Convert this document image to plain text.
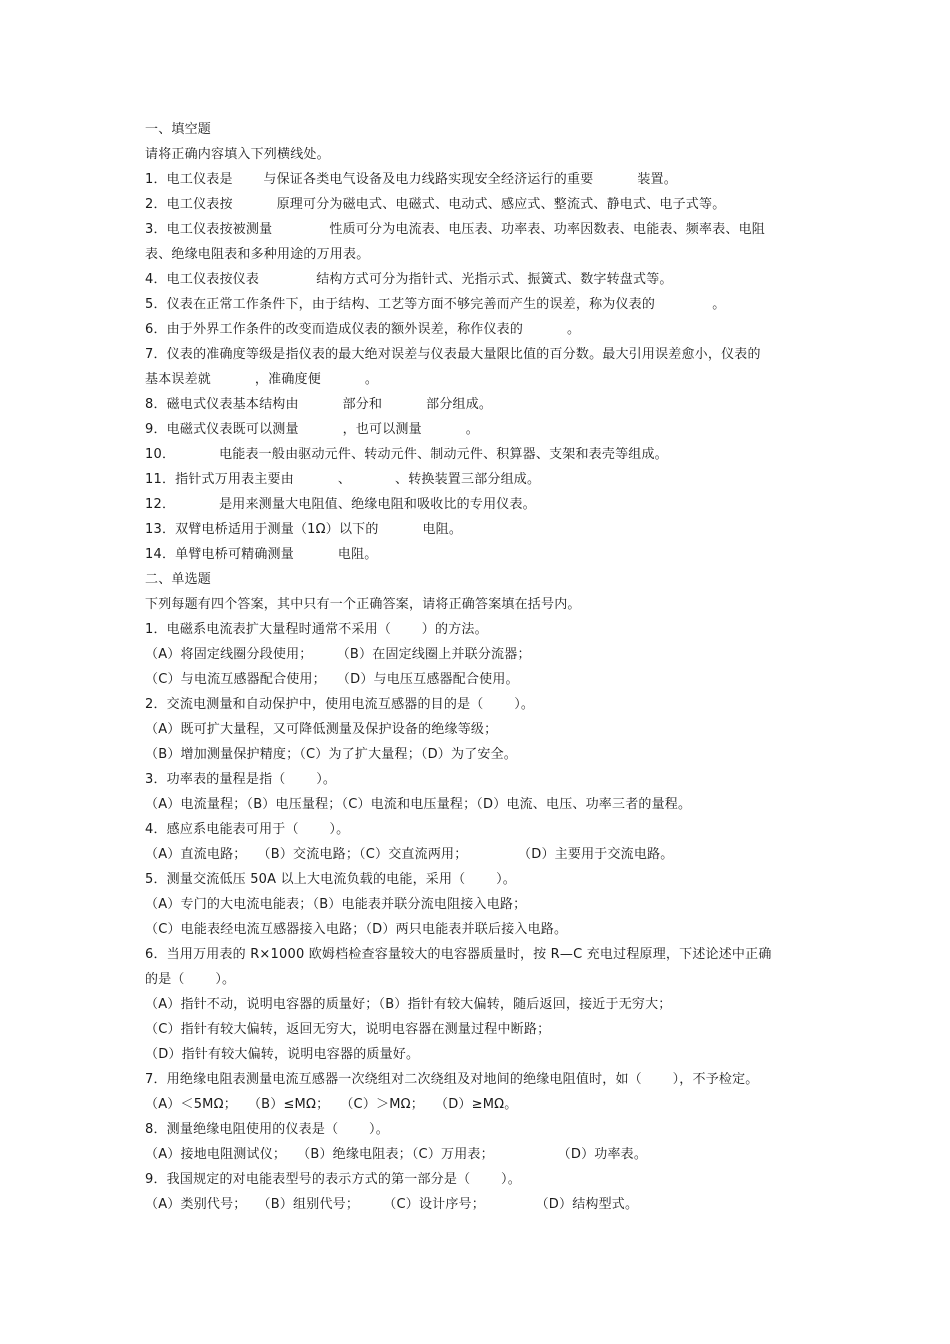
一、填空题
请将正确内容填入下列横线处。
1．电工仪表是 　　与保证各类电气设备及电力线路实现安全经济运行的重要 　　　装置。
2．电工仪表按 　　　原理可分为磁电式、电磁式、电动式、感应式、整流式、静电式、电子式等。
3．电工仪表按被测量 　　　　性质可分为电流表、电压表、功率表、功率因数表、电能表、频率表、电阻
表、绝缘电阻表和多种用途的万用表。
4．电工仪表按仪表 　　　　结构方式可分为指针式、光指示式、振簧式、数字转盘式等。
5．仪表在正常工作条件下，由于结构、工艺等方面不够完善而产生的误差，称为仪表的 　　　　。
6．由于外界工作条件的改变而造成仪表的额外误差，称作仪表的 　　　。
7．仪表的准确度等级是指仪表的最大绝对误差与仪表最大量限比值的百分数。最大引用误差愈小，仪表的
基本误差就 　　　，准确度便 　　　。
8．磁电式仪表基本结构由 　　　部分和 　　　部分组成。
9．电磁式仪表既可以测量 　　　，也可以测量 　　　。
10． 　　　电能表一般由驱动元件、转动元件、制动元件、积算器、支架和表壳等组成。
11．指针式万用表主要由 　　　、 　　　、转换装置三部分组成。
12． 　　　是用来测量大电阻值、绝缘电阻和吸收比的专用仪表。
13．双臂电桥适用于测量（1Ω）以下的 　　　电阻。
14．单臂电桥可精确测量 　　　电阻。
二、单选题
下列每题有四个答案，其中只有一个正确答案，请将正确答案填在括号内。
1．电磁系电流表扩大量程时通常不采用（ 　　）的方法。
（A）将固定线圈分段使用； 　　（B）在固定线圈上并联分流器；
（C）与电流互感器配合使用； 　（D）与电压互感器配合使用。
2．交流电测量和自动保护中，使用电流互感器的目的是（ 　　）。
（A）既可扩大量程，又可降低测量及保护设备的绝缘等级；
（B）增加测量保护精度；（C）为了扩大量程；（D）为了安全。
3．功率表的量程是指（ 　　）。
（A）电流量程；（B）电压量程；（C）电流和电压量程；（D）电流、电压、功率三者的量程。
4．感应系电能表可用于（ 　　）。
（A）直流电路； 　（B）交流电路；（C）交直流两用； 　　　　（D）主要用于交流电路。
5．测量交流低压 50A 以上大电流负载的电能，采用（ 　　）。
（A）专门的大电流电能表；（B）电能表并联分流电阻接入电路；
（C）电能表经电流互感器接入电路；（D）两只电能表并联后接入电路。
6．当用万用表的 R×1000 欧姆档检查容量较大的电容器质量时，按 R—C 充电过程原理，下述论述中正确
的是（ 　　）。
（A）指针不动，说明电容器的质量好；（B）指针有较大偏转，随后返回，接近于无穷大；
（C）指针有较大偏转，返回无穷大，说明电容器在测量过程中断路；
（D）指针有较大偏转，说明电容器的质量好。
7．用绝缘电阻表测量电流互感器一次绕组对二次绕组及对地间的绝缘电阻值时，如（ 　　），不予检定。
（A）＜5MΩ； 　（B）≤MΩ； 　（C）＞MΩ； 　（D）≥MΩ。
8．测量绝缘电阻使用的仪表是（ 　　）。
（A）接地电阻测试仪； 　（B）绝缘电阻表；（C）万用表； 　　　　　（D）功率表。
9．我国规定的对电能表型号的表示方式的第一部分是（ 　　）。
（A）类别代号； 　（B）组别代号； 　　（C）设计序号； 　　　　（D）结构型式。
